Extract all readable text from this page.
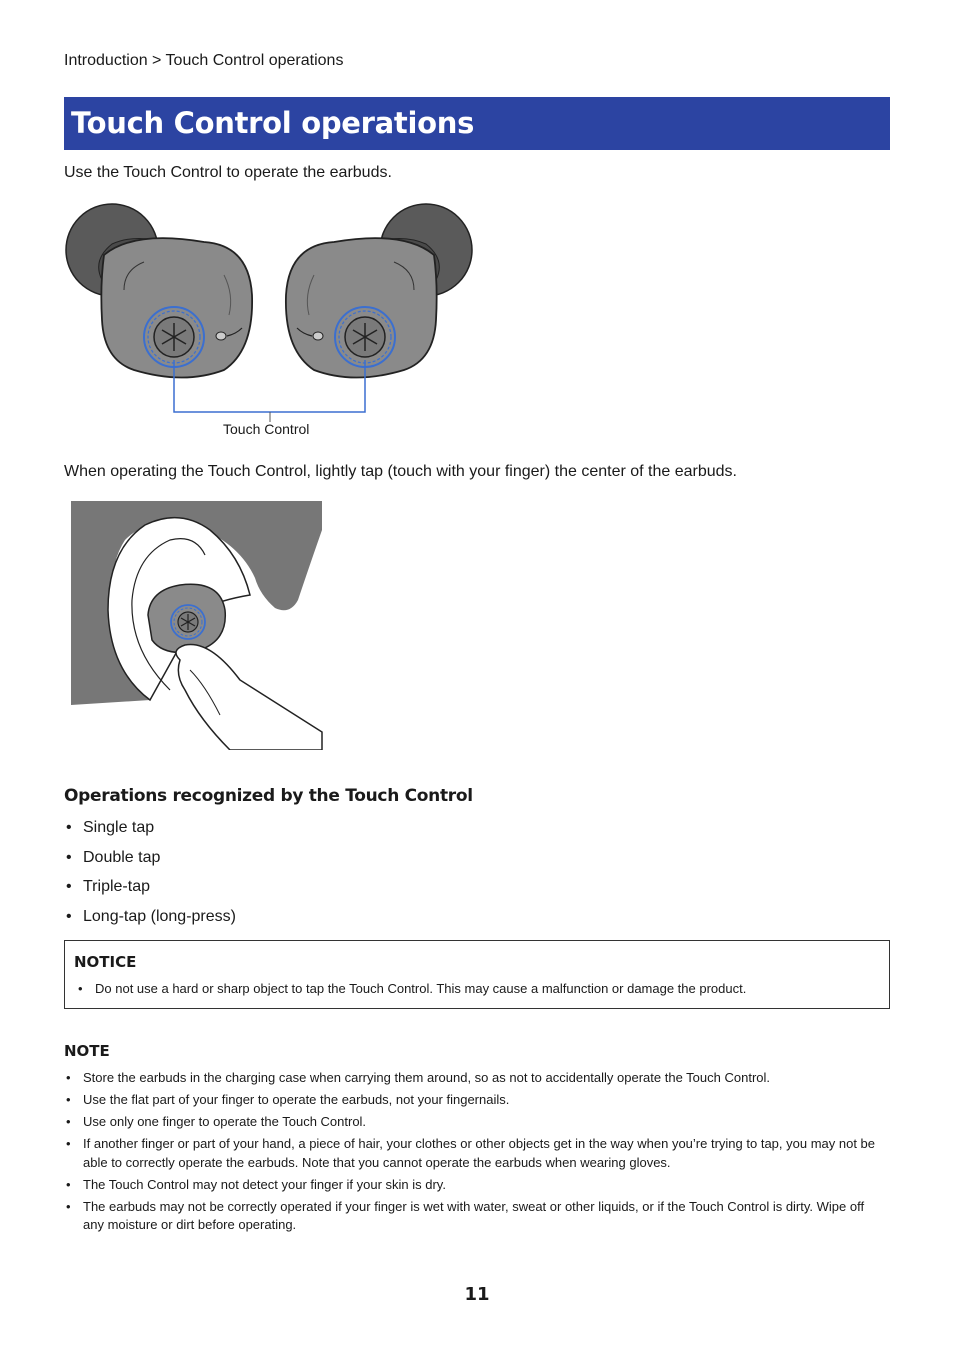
Introduction > Touch Control operations
Touch Control operations
Use the Touch Control to operate the earbuds.
Touch Control
When operating the Touch Control, lightly tap (touch with your finger) the center of the earbuds.
Operations recognized by the Touch Control
• Single tap
• Double tap
• Triple-tap
• Long-tap (long-press)
NOTICE
• Do not use a hard or sharp object to tap the Touch Control. This may cause a malfunction or damage the product.
NOTE
• Store the earbuds in the charging case when carrying them around, so as not to accidentally operate the Touch Control.
• Use the flat part of your finger to operate the earbuds, not your fingernails.
• Use only one finger to operate the Touch Control.
• If another finger or part of your hand, a piece of hair, your clothes or other objects get in the way when you’re trying to tap, you may not be able to correctly operate the earbuds. Note that you cannot operate the earbuds when wearing gloves.
• The Touch Control may not detect your finger if your skin is dry.
• The earbuds may not be correctly operated if your finger is wet with water, sweat or other liquids, or if the Touch Control is dirty. Wipe off any moisture or dirt before operating.
11
